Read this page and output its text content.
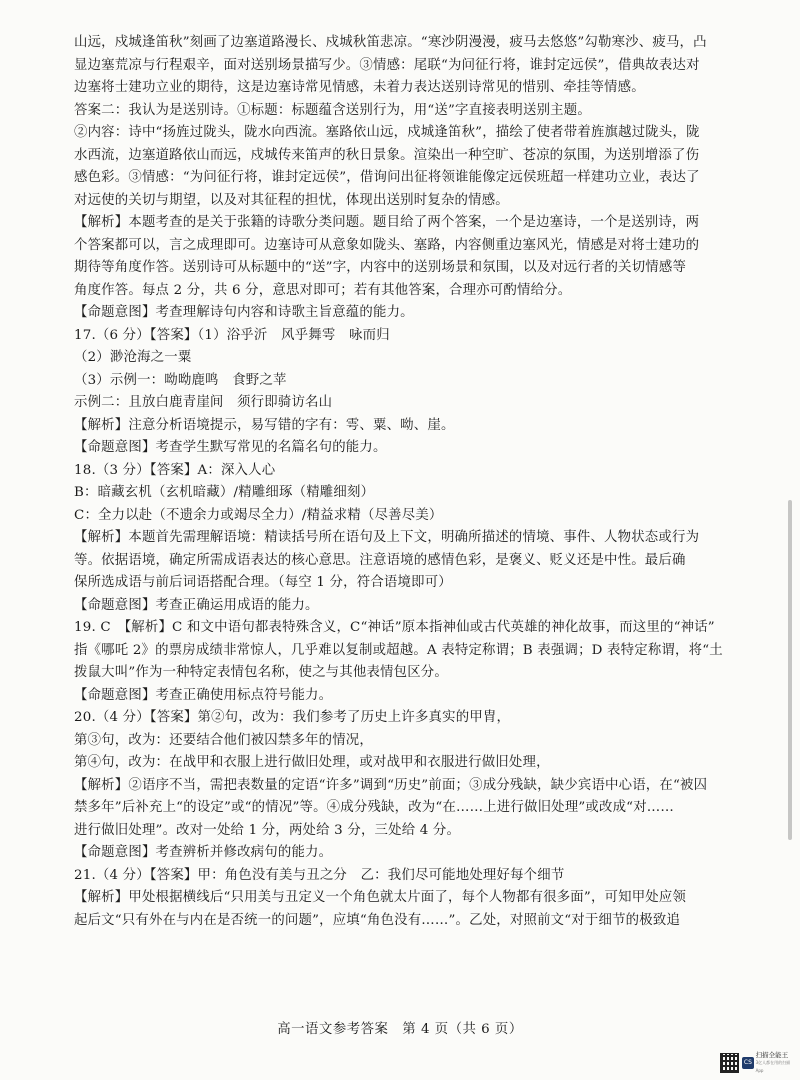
山远，戍城逢笛秋”刻画了边塞道路漫长、戍城秋笛悲凉。“寒沙阴漫漫，疲马去悠悠”勾勒寒沙、疲马，凸
显边塞荒凉与行程艰辛，面对送别场景描写少。③情感：尾联“为问征行将，谁封定远侯”，借典故表达对
边塞将士建功立业的期待，这是边塞诗常见情感，未着力表达送别诗常见的惜别、牵挂等情感。
答案二：我认为是送别诗。①标题：标题蕴含送别行为，用“送”字直接表明送别主题。
②内容：诗中“扬旌过陇头，陇水向西流。塞路依山远，戍城逢笛秋”，描绘了使者带着旌旗越过陇头，陇
水西流，边塞道路依山而远，戍城传来笛声的秋日景象。渲染出一种空旷、苍凉的氛围，为送别增添了伤
感色彩。③情感：“为问征行将，谁封定远侯”，借询问出征将领谁能像定远侯班超一样建功立业，表达了
对远使的关切与期望，以及对其征程的担忧，体现出送别时复杂的情感。
【解析】本题考查的是关于张籍的诗歌分类问题。题目给了两个答案，一个是边塞诗，一个是送别诗，两
个答案都可以，言之成理即可。边塞诗可从意象如陇头、塞路，内容侧重边塞风光，情感是对将士建功的
期待等角度作答。送别诗可从标题中的“送”字，内容中的送别场景和氛围，以及对远行者的关切情感等
角度作答。每点 2 分，共 6 分，意思对即可；若有其他答案，合理亦可酌情给分。
【命题意图】考查理解诗句内容和诗歌主旨意蕴的能力。
17.（6 分）【答案】（1）浴乎沂　风乎舞雩　咏而归
（2）渺沧海之一粟
（3）示例一：呦呦鹿鸣　食野之苹
示例二：且放白鹿青崖间　须行即骑访名山
【解析】注意分析语境提示，易写错的字有：雩、粟、呦、崖。
【命题意图】考查学生默写常见的名篇名句的能力。
18.（3 分）【答案】A：深入人心
B：暗藏玄机（玄机暗藏）/精雕细琢（精雕细刻）
C：全力以赴（不遗余力或竭尽全力）/精益求精（尽善尽美）
【解析】本题首先需理解语境：精读括号所在语句及上下文，明确所描述的情境、事件、人物状态或行为
等。依据语境，确定所需成语表达的核心意思。注意语境的感情色彩，是褒义、贬义还是中性。最后确
保所选成语与前后词语搭配合理。（每空 1 分，符合语境即可）
【命题意图】考查正确运用成语的能力。
19. C　【解析】C 和文中语句都表特殊含义，C“神话”原本指神仙或古代英雄的神化故事，而这里的“神话”
指《哪吒 2》的票房成绩非常惊人，几乎难以复制或超越。A 表特定称谓；B 表强调；D 表特定称谓，将“土
拨鼠大叫”作为一种特定表情包名称，使之与其他表情包区分。
【命题意图】考查正确使用标点符号能力。
20.（4 分）【答案】第②句，改为：我们参考了历史上许多真实的甲胄，
第③句，改为：还要结合他们被囚禁多年的情况，
第④句，改为：在战甲和衣服上进行做旧处理，或对战甲和衣服进行做旧处理，
【解析】②语序不当，需把表数量的定语“许多”调到“历史”前面；③成分残缺，缺少宾语中心语，在“被囚
禁多年”后补充上“的设定”或“的情况”等。④成分残缺，改为“在……上进行做旧处理”或改成“对……
进行做旧处理”。改对一处给 1 分，两处给 3 分，三处给 4 分。
【命题意图】考查辨析并修改病句的能力。
21.（4 分）【答案】甲：角色没有美与丑之分　乙：我们尽可能地处理好每个细节
【解析】甲处根据横线后“只用美与丑定义一个角色就太片面了，每个人物都有很多面”，可知甲处应领
起后文“只有外在与内在是否统一的问题”，应填“角色没有……”。乙处，对照前文“对于细节的极致追
高一语文参考答案　第 4 页（共 6 页）
CS
扫描全能王
3亿人都在用的扫描App
